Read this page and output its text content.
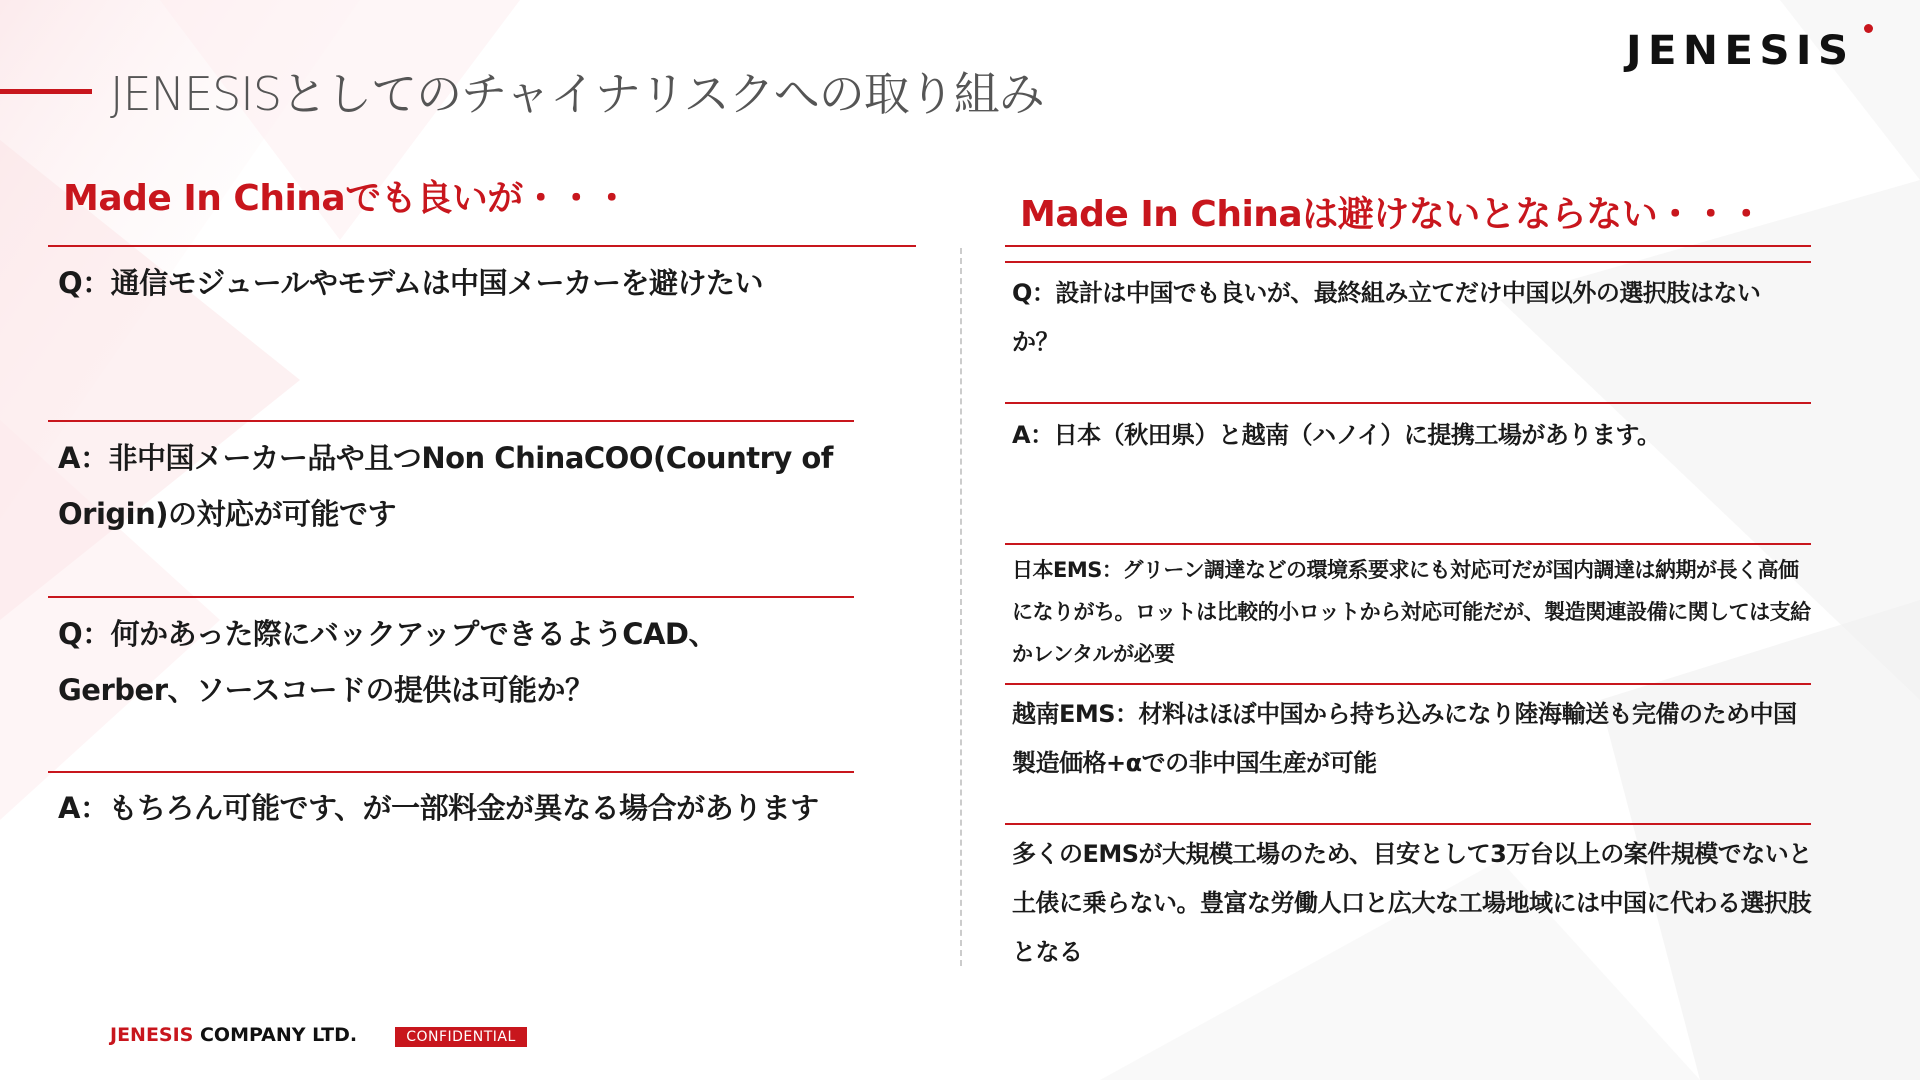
JENESISとしてのチャイナリスクへの取り組み
JENESIS
Made In Chinaでも良いが・・・
Q：通信モジュールやモデムは中国メーカーを避けたい
A：非中国メーカー品や且つNon ChinaCOO(Country of Origin)の対応が可能です
Q：何かあった際にバックアップできるようCAD、Gerber、ソースコードの提供は可能か？
A：もちろん可能です、が一部料金が異なる場合があります
Made In Chinaは避けないとならない・・・
Q：設計は中国でも良いが、最終組み立てだけ中国以外の選択肢はないか？
A：日本（秋田県）と越南（ハノイ）に提携工場があります。
日本EMS：グリーン調達などの環境系要求にも対応可だが国内調達は納期が長く高価になりがち。ロットは比較的小ロットから対応可能だが、製造関連設備に関しては支給かレンタルが必要
越南EMS：材料はほぼ中国から持ち込みになり陸海輸送も完備のため中国製造価格+αでの非中国生産が可能
多くのEMSが大規模工場のため、目安として3万台以上の案件規模でないと土俵に乗らない。豊富な労働人口と広大な工場地域には中国に代わる選択肢となる
JENESIS COMPANY LTD.	CONFIDENTIAL
